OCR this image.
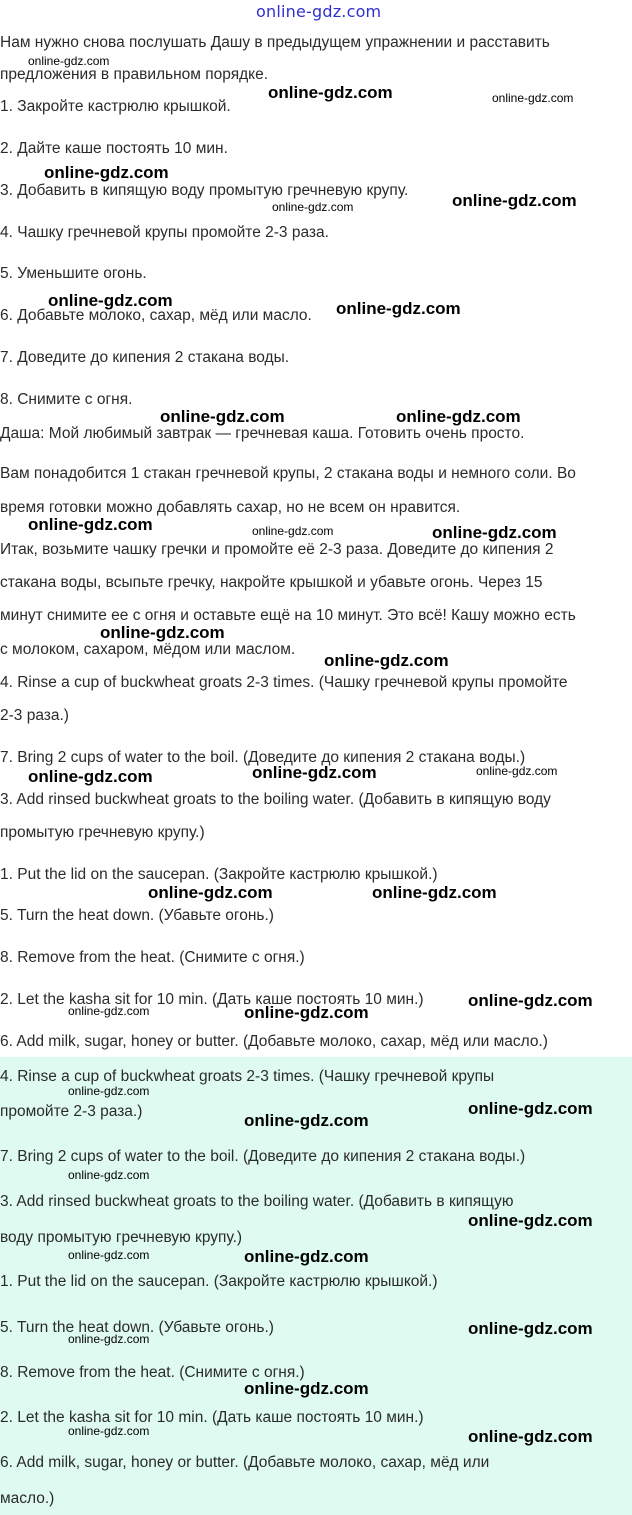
online-gdz.com
Нам нужно снова послушать Дашу в предыдущем упражнении и расставить
предложения в правильном порядке.
1. Закройте кастрюлю крышкой.
2. Дайте каше постоять 10 мин.
3. Добавить в кипящую воду промытую гречневую крупу.
4. Чашку гречневой крупы промойте 2-3 раза.
5. Уменьшите огонь.
6. Добавьте молоко, сахар, мёд или масло.
7. Доведите до кипения 2 стакана воды.
8. Снимите с огня.
Даша: Мой любимый завтрак — гречневая каша. Готовить очень просто.
Вам понадобится 1 стакан гречневой крупы, 2 стакана воды и немного соли. Во
время готовки можно добавлять сахар, но не всем он нравится.
Итак, возьмите чашку гречки и промойте её 2-3 раза. Доведите до кипения 2
стакана воды, всыпьте гречку, накройте крышкой и убавьте огонь. Через 15
минут снимите ее с огня и оставьте ещё на 10 минут. Это всё! Кашу можно есть
с молоком, сахаром, мёдом или маслом.
4. Rinse a cup of buckwheat groats 2-3 times. (Чашку гречневой крупы промойте
2-3 раза.)
7. Bring 2 cups of water to the boil. (Доведите до кипения 2 стакана воды.)
3. Add rinsed buckwheat groats to the boiling water. (Добавить в кипящую воду
промытую гречневую крупу.)
1. Put the lid on the saucepan. (Закройте кастрюлю крышкой.)
5. Turn the heat down. (Убавьте огонь.)
8. Remove from the heat. (Снимите с огня.)
2. Let the kasha sit for 10 min. (Дать каше постоять 10 мин.)
6. Add milk, sugar, honey or butter. (Добавьте молоко, сахар, мёд или масло.)
4. Rinse a cup of buckwheat groats 2-3 times. (Чашку гречневой крупы
промойте 2-3 раза.)
7. Bring 2 cups of water to the boil. (Доведите до кипения 2 стакана воды.)
3. Add rinsed buckwheat groats to the boiling water. (Добавить в кипящую
воду промытую гречневую крупу.)
1. Put the lid on the saucepan. (Закройте кастрюлю крышкой.)
5. Turn the heat down. (Убавьте огонь.)
8. Remove from the heat. (Снимите с огня.)
2. Let the kasha sit for 10 min. (Дать каше постоять 10 мин.)
6. Add milk, sugar, honey or butter. (Добавьте молоко, сахар, мёд или
масло.)
online-gdz.com
online-gdz.com	online-gdz.com
online-gdz.com
online-gdz.com
online-gdz.com
online-gdz.com	online-gdz.com
online-gdz.com	online-gdz.com
online-gdz.com	online-gdz.com	online-gdz.com
online-gdz.com
online-gdz.com
online-gdz.com	online-gdz.com	online-gdz.com
online-gdz.com	online-gdz.com
online-gdz.com
online-gdz.com	online-gdz.com
online-gdz.com
online-gdz.com
online-gdz.com
online-gdz.com
online-gdz.com
online-gdz.com	online-gdz.com
online-gdz.com
online-gdz.com
online-gdz.com
online-gdz.com	online-gdz.com
